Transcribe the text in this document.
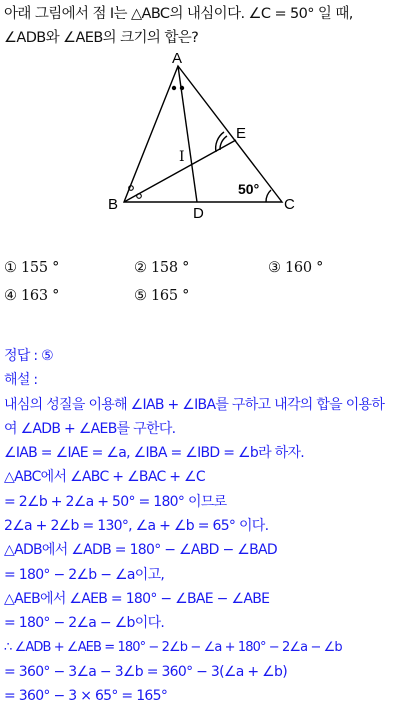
아래 그림에서 점 I는 △ABC의 내심이다. ∠C = 50° 일 때,
∠ADB와 ∠AEB의 크기의 합은?
A
B	C
D
E
50°
I
① 155 °	② 158 °	③ 160 °
④ 163 °	⑤ 165 °
정답 : ⑤
해설 :
내심의 성질을 이용해 ∠IAB + ∠IBA를 구하고 내각의 합을 이용하
여 ∠ADB + ∠AEB를 구한다.
∠IAB = ∠IAE = ∠a, ∠IBA = ∠IBD = ∠b라 하자.
△ABC에서 ∠ABC + ∠BAC + ∠C
= 2∠b + 2∠a + 50° = 180° 이므로
2∠a + 2∠b = 130°, ∠a + ∠b = 65° 이다.
△ADB에서 ∠ADB = 180° − ∠ABD − ∠BAD
= 180° − 2∠b − ∠a이고,
△AEB에서 ∠AEB = 180° − ∠BAE − ∠ABE
= 180° − 2∠a − ∠b이다.
∴ ∠ADB + ∠AEB = 180° − 2∠b − ∠a + 180° − 2∠a − ∠b
= 360° − 3∠a − 3∠b = 360° − 3(∠a + ∠b)
= 360° − 3 × 65° = 165°
